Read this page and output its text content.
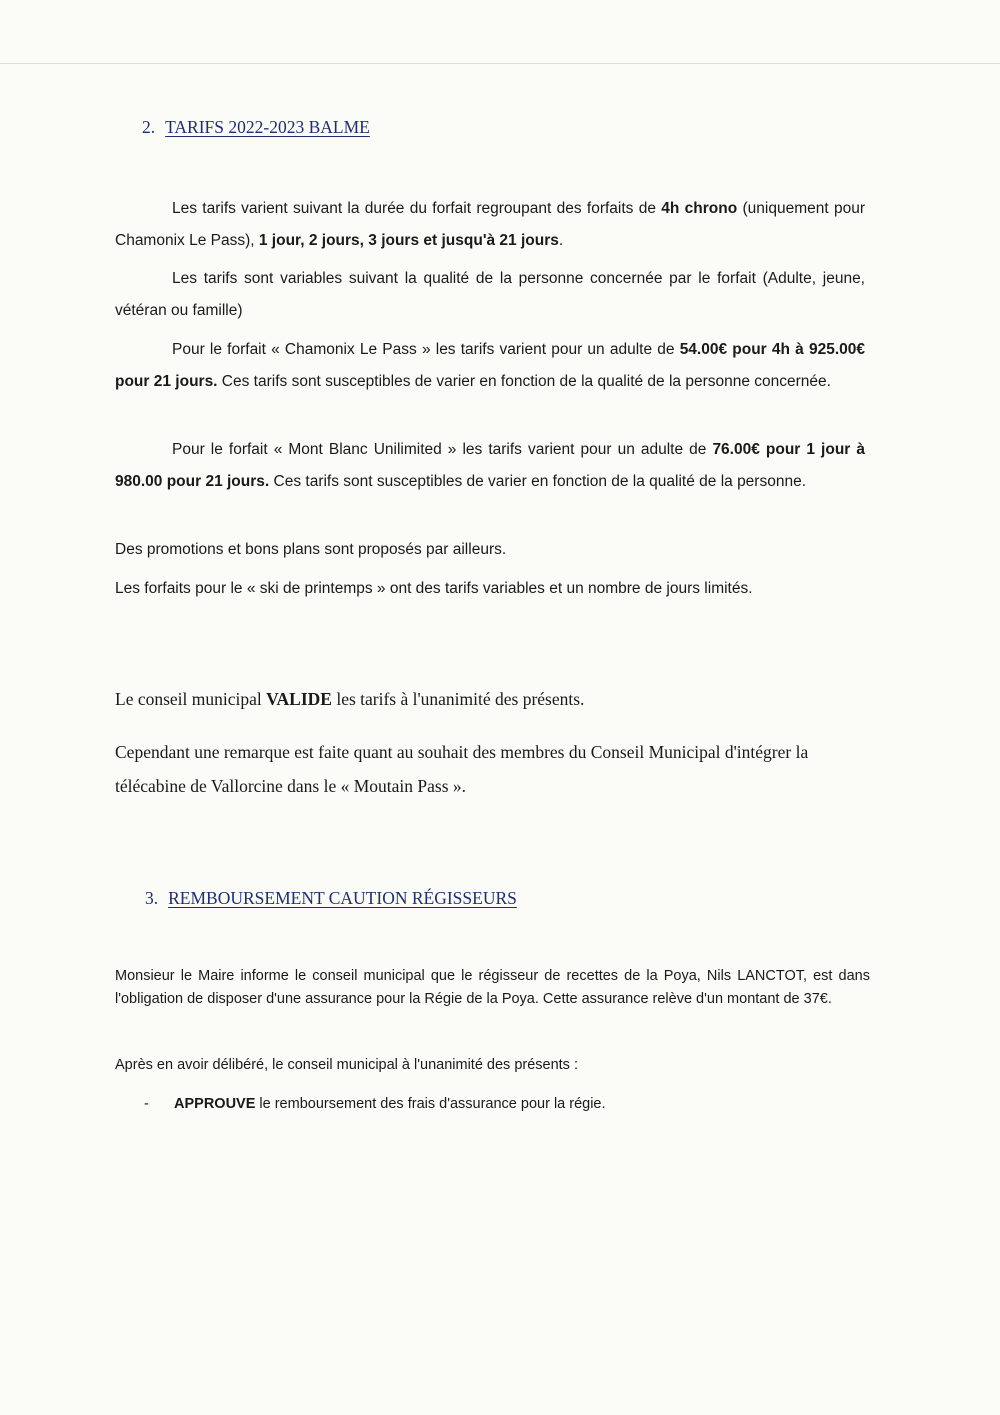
2. TARIFS 2022-2023 BALME

Les tarifs varient suivant la durée du forfait regroupant des forfaits de 4h chrono (uniquement pour Chamonix Le Pass), 1 jour, 2 jours, 3 jours et jusqu'à 21 jours.

Les tarifs sont variables suivant la qualité de la personne concernée par le forfait (Adulte, jeune, vétéran ou famille)

Pour le forfait « Chamonix Le Pass » les tarifs varient pour un adulte de 54.00€ pour 4h à 925.00€ pour 21 jours. Ces tarifs sont susceptibles de varier en fonction de la qualité de la personne concernée.

Pour le forfait « Mont Blanc Unilimited » les tarifs varient pour un adulte de 76.00€ pour 1 jour à 980.00 pour 21 jours. Ces tarifs sont susceptibles de varier en fonction de la qualité de la personne.

Des promotions et bons plans sont proposés par ailleurs.

Les forfaits pour le « ski de printemps » ont des tarifs variables et un nombre de jours limités.

Le conseil municipal VALIDE les tarifs à l'unanimité des présents.

Cependant une remarque est faite quant au souhait des membres du Conseil Municipal d'intégrer la télécabine de Vallorcine dans le « Moutain Pass ».

3. REMBOURSEMENT CAUTION RÉGISSEURS

Monsieur le Maire informe le conseil municipal que le régisseur de recettes de la Poya, Nils LANCTOT, est dans l'obligation de disposer d'une assurance pour la Régie de la Poya. Cette assurance relève d'un montant de 37€.

Après en avoir délibéré, le conseil municipal à l'unanimité des présents :

- APPROUVE le remboursement des frais d'assurance pour la régie.
